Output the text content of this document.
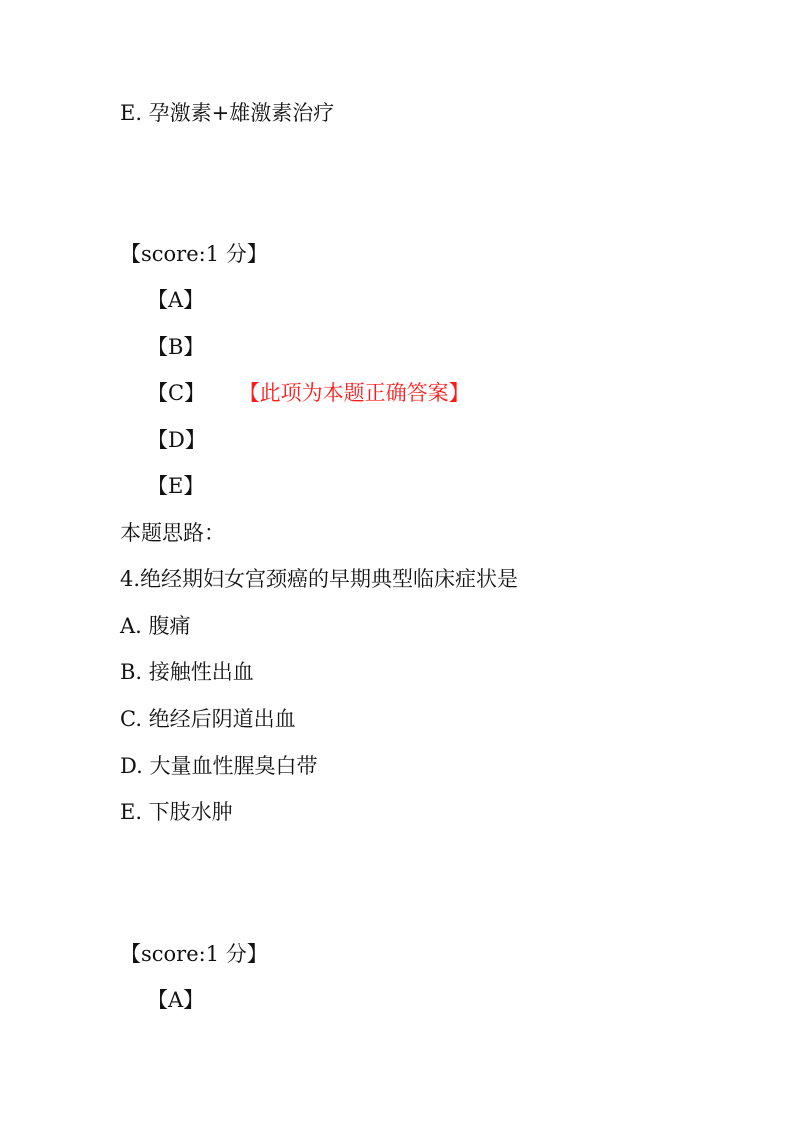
E. 孕激素+雄激素治疗
【score:1 分】
【A】
【B】
【C】 【此项为本题正确答案】
【D】
【E】
本题思路：
4.绝经期妇女宫颈癌的早期典型临床症状是
A. 腹痛
B. 接触性出血
C. 绝经后阴道出血
D. 大量血性腥臭白带
E. 下肢水肿
【score:1 分】
【A】
